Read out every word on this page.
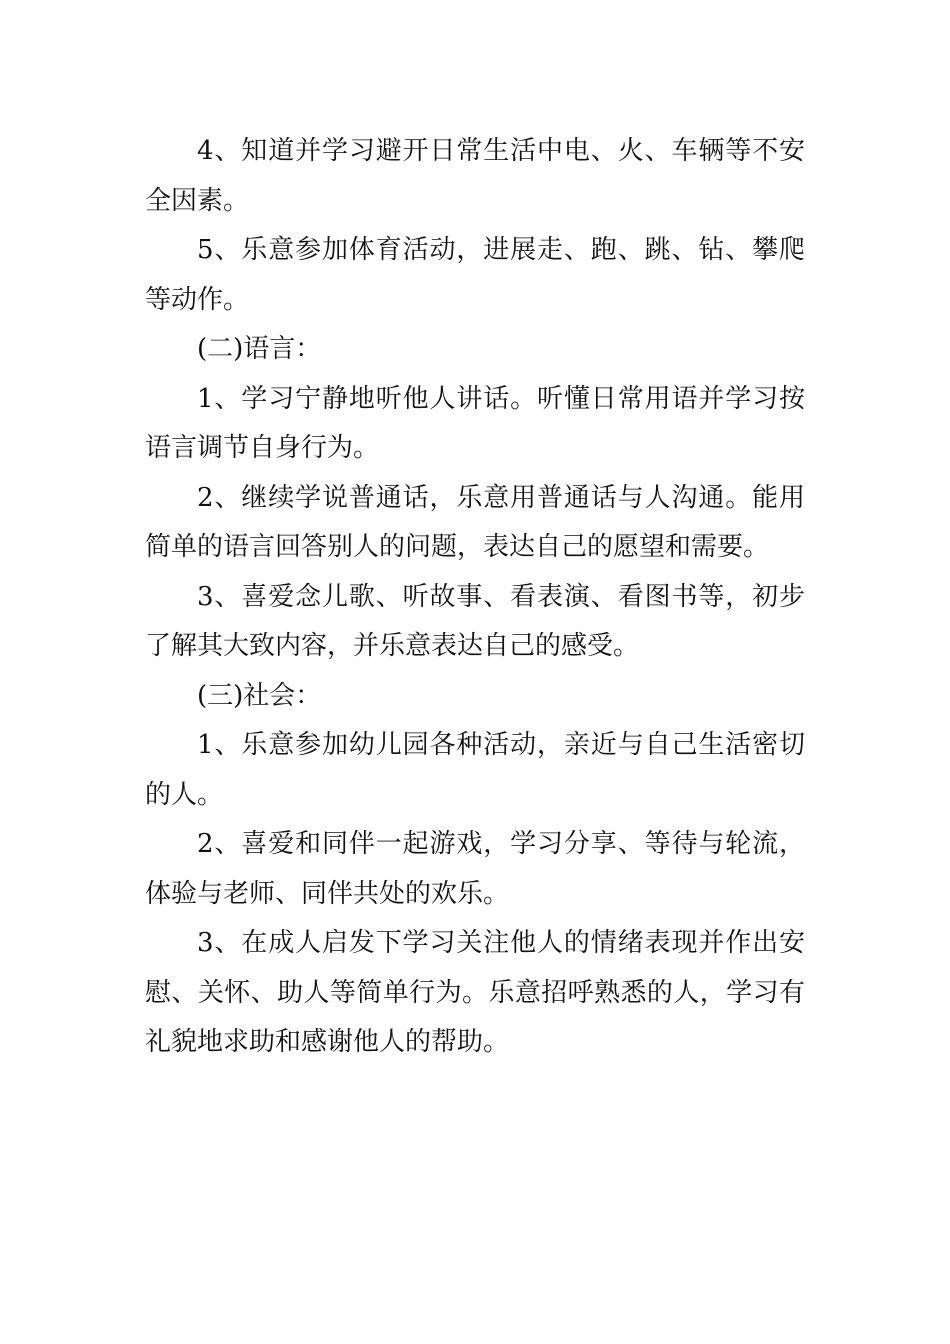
4、知道并学习避开日常生活中电、火、车辆等不安全因素。

5、乐意参加体育活动，进展走、跑、跳、钻、攀爬等动作。

(二)语言：

1、学习宁静地听他人讲话。听懂日常用语并学习按语言调节自身行为。

2、继续学说普通话，乐意用普通话与人沟通。能用简单的语言回答别人的问题，表达自己的愿望和需要。

3、喜爱念儿歌、听故事、看表演、看图书等，初步了解其大致内容，并乐意表达自己的感受。

(三)社会：

1、乐意参加幼儿园各种活动，亲近与自己生活密切的人。

2、喜爱和同伴一起游戏，学习分享、等待与轮流，体验与老师、同伴共处的欢乐。

3、在成人启发下学习关注他人的情绪表现并作出安慰、关怀、助人等简单行为。乐意招呼熟悉的人，学习有礼貌地求助和感谢他人的帮助。
